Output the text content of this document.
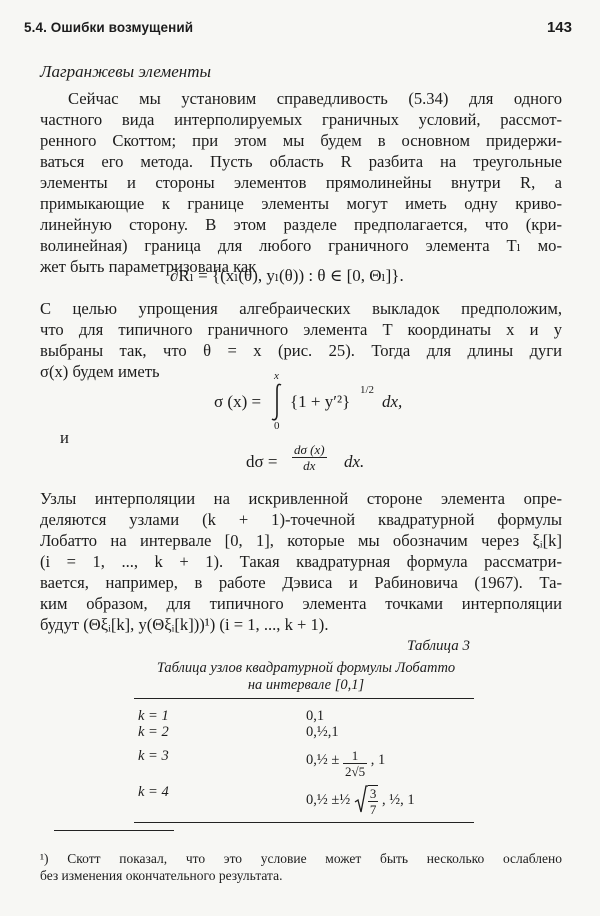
5.4. Ошибки возмущений	143
Лагранжевы элементы

Сейчас мы установим справедливость (5.34) для одного
частного вида интерполируемых граничных условий, рассмот-
ренного Скоттом; при этом мы будем в основном придержи-
ваться его метода. Пусть область R разбита на треугольные
элементы и стороны элементов прямолинейны внутри R, а
примыкающие к границе элементы могут иметь одну криво-
линейную сторону. В этом разделе предполагается, что (кри-
волинейная) граница для любого граничного элемента Tₗ мо-
жет быть параметризована как

∂Rₗ = {(xₗ(θ), yₗ(θ)) : θ ∈ [0, Θₗ]}.

С целью упрощения алгебраических выкладок предположим,
что для типичного граничного элемента T координаты x и y
выбраны так, что θ = x (рис. 25). Тогда для длины дуги
σ(x) будем иметь

σ (x) =
x
0
{1 + y′²}
1/2
dx,
и
$d\sigma = \frac{d\sigma (x)}{dx}$ dx.

Узлы интерполяции на искривленной стороне элемента опре-
деляются узлами (k + 1)-точечной квадратурной формулы
Лобатто на интервале [0, 1], которые мы обозначим через ξᵢ[k]
(i = 1, ..., k + 1). Такая квадратурная формула рассматри-
вается, например, в работе Дэвиса и Рабиновича (1967). Та-
ким образом, для типичного элемента точками интерполяции
будут (Θξᵢ[k], y(Θξᵢ[k]))¹) (i = 1, ..., k + 1).

Таблица 3
Таблица узлов квадратурной формулы Лобатто
на интервале [0,1]
k = 1	0,1
k = 2	0,½,1
k = 3	0,½ ± $\frac{1}{2√5}$ , 1
k = 4	0,½ ±½ $\frac{3}{7}$ , ½, 1
¹) Скотт показал, что это условие может быть несколько ослаблено
без изменения окончательного результата.
